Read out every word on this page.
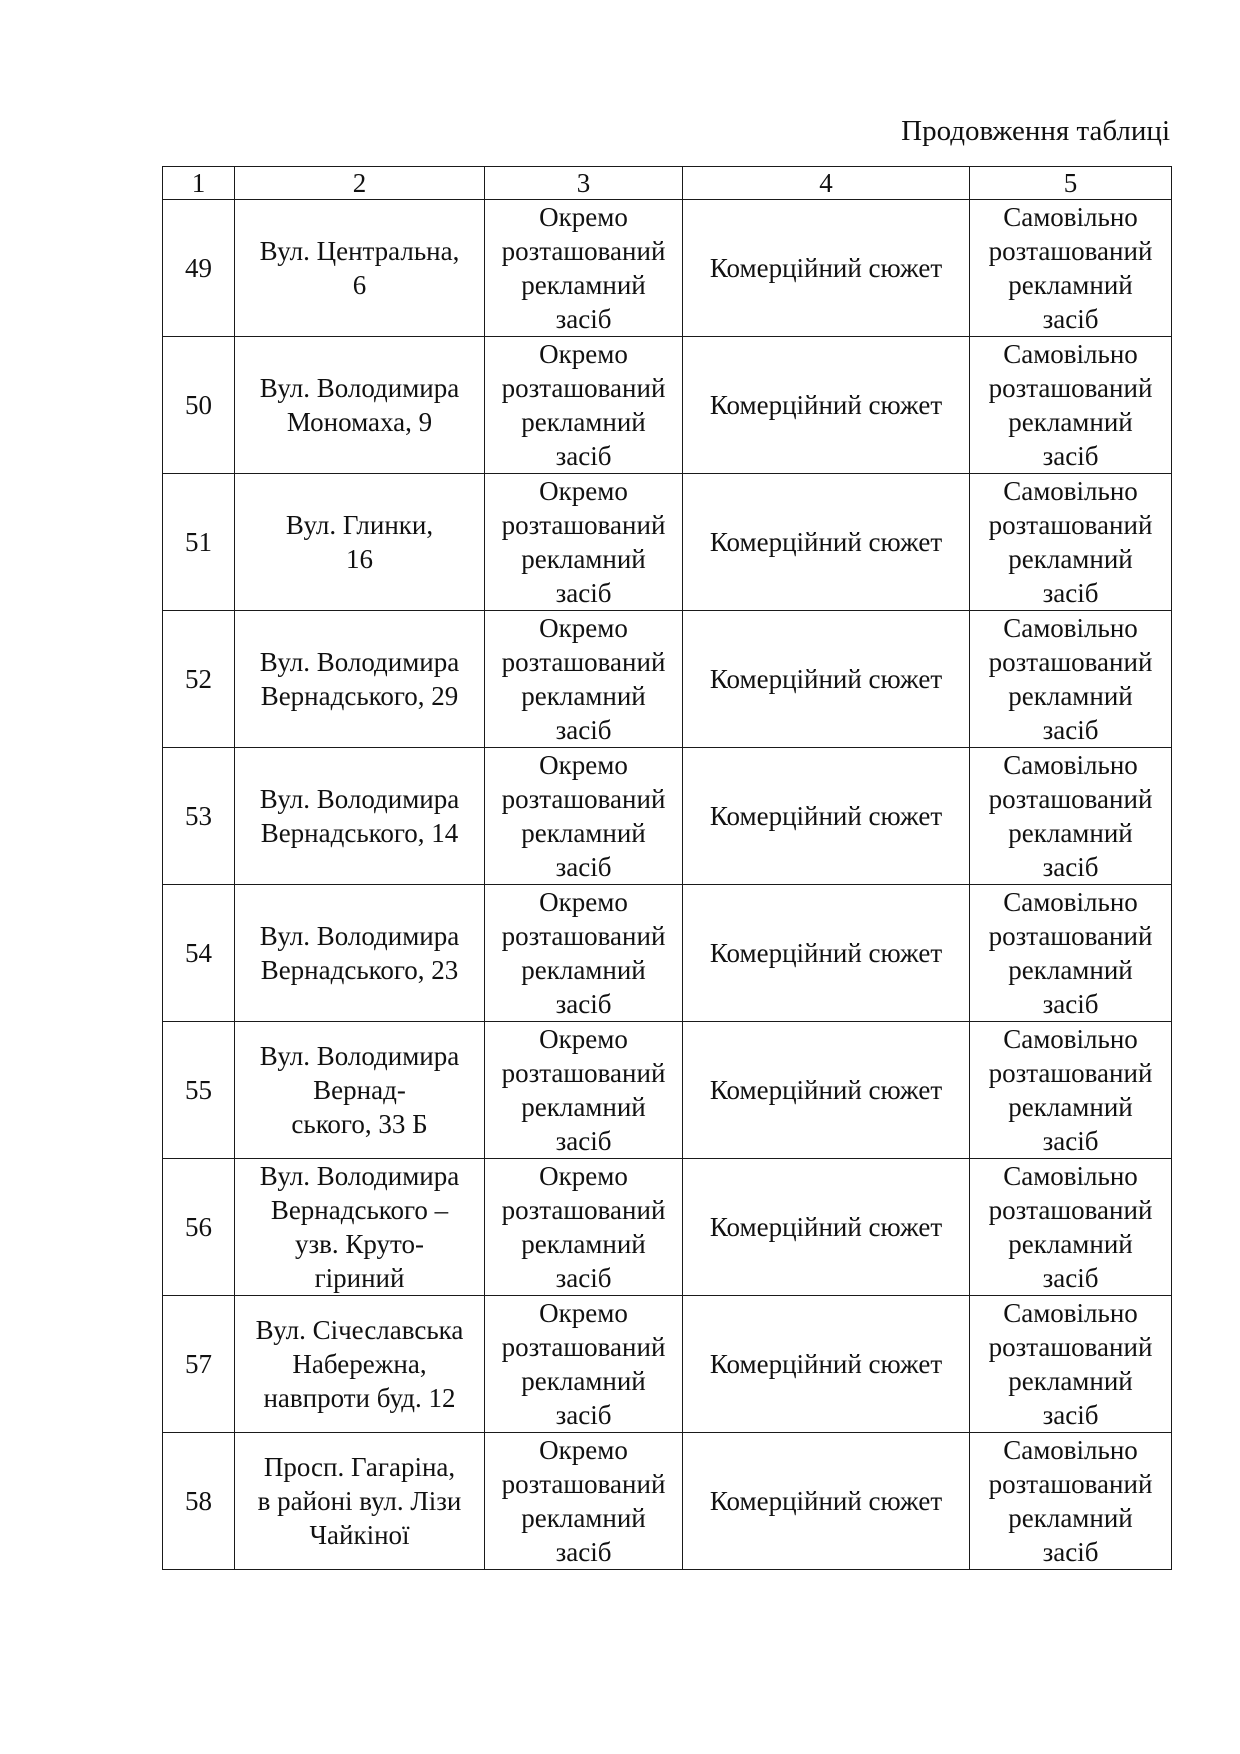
Продовження таблиці
1	2	3	4	5
49	Вул. Центральна,
6	Окремо
розташований
рекламний
засіб	Комерційний сюжет	Самовільно
розташований
рекламний
засіб

50	Вул. Володимира
Мономаха, 9	Окремо
розташований
рекламний
засіб	Комерційний сюжет	Самовільно
розташований
рекламний
засіб

51	Вул. Глинки,
16	Окремо
розташований
рекламний
засіб	Комерційний сюжет	Самовільно
розташований
рекламний
засіб

52	Вул. Володимира
Вернадського, 29	Окремо
розташований
рекламний
засіб	Комерційний сюжет	Самовільно
розташований
рекламний
засіб

53	Вул. Володимира
Вернадського, 14	Окремо
розташований
рекламний
засіб	Комерційний сюжет	Самовільно
розташований
рекламний
засіб

54	Вул. Володимира
Вернадського, 23	Окремо
розташований
рекламний
засіб	Комерційний сюжет	Самовільно
розташований
рекламний
засіб

55	Вул. Володимира
Вернад-
ського, 33 Б	Окремо
розташований
рекламний
засіб	Комерційний сюжет	Самовільно
розташований
рекламний
засіб

56	Вул. Володимира
Вернадського –
узв. Круто-
гіриний	Окремо
розташований
рекламний
засіб	Комерційний сюжет	Самовільно
розташований
рекламний
засіб

57	Вул. Січеславська
Набережна,
навпроти буд. 12	Окремо
розташований
рекламний
засіб	Комерційний сюжет	Самовільно
розташований
рекламний
засіб

58	Просп. Гагаріна,
в районі вул. Лізи
Чайкіної	Окремо
розташований
рекламний
засіб	Комерційний сюжет	Самовільно
розташований
рекламний
засіб
